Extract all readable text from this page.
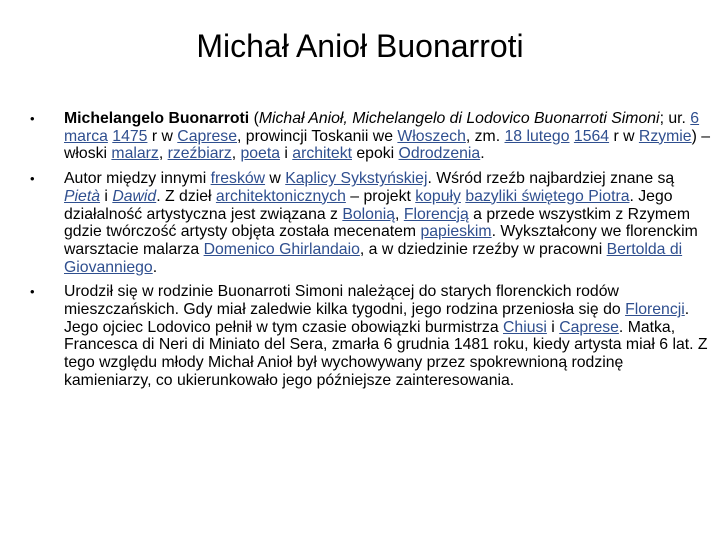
Michał Anioł Buonarroti
• Michelangelo Buonarroti (Michał Anioł, Michelangelo di Lodovico Buonarroti Simoni; ur. 6 marca 1475 r w Caprese, prowincji Toskanii we Włoszech, zm. 18 lutego 1564 r w Rzymie) – włoski malarz, rzeźbiarz, poeta i architekt epoki Odrodzenia.
• Autor między innymi fresków w Kaplicy Sykstyńskiej. Wśród rzeźb najbardziej znane są Pietà i Dawid. Z dzieł architektonicznych – projekt kopuły bazyliki świętego Piotra. Jego działalność artystyczna jest związana z Bolonią, Florencją a przede wszystkim z Rzymem gdzie twórczość artysty objęta została mecenatem papieskim. Wykształcony we florenckim warsztacie malarza Domenico Ghirlandaio, a w dziedzinie rzeźby w pracowni Bertolda di Giovanniego.
• Urodził się w rodzinie Buonarroti Simoni należącej do starych florenckich rodów mieszczańskich. Gdy miał zaledwie kilka tygodni, jego rodzina przeniosła się do Florencji. Jego ojciec Lodovico pełnił w tym czasie obowiązki burmistrza Chiusi i Caprese. Matka, Francesca di Neri di Miniato del Sera, zmarła 6 grudnia 1481 roku, kiedy artysta miał 6 lat. Z tego względu młody Michał Anioł był wychowywany przez spokrewnioną rodzinę kamieniarzy, co ukierunkowało jego późniejsze zainteresowania.
